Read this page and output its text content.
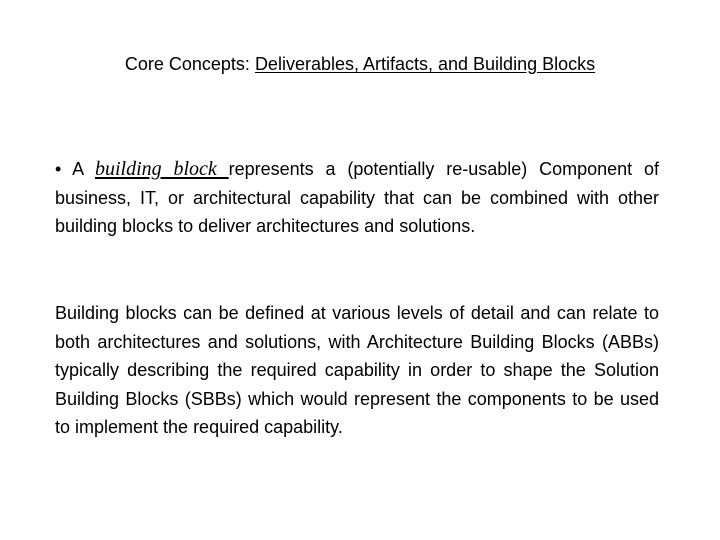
Core Concepts: Deliverables, Artifacts, and Building Blocks
• A building block represents a (potentially re-usable) Component of business, IT, or architectural capability that can be combined with other building blocks to deliver architectures and solutions.
Building blocks can be defined at various levels of detail and can relate to both architectures and solutions, with Architecture Building Blocks (ABBs) typically describing the required capability in order to shape the Solution Building Blocks (SBBs) which would represent the components to be used to implement the required capability.
